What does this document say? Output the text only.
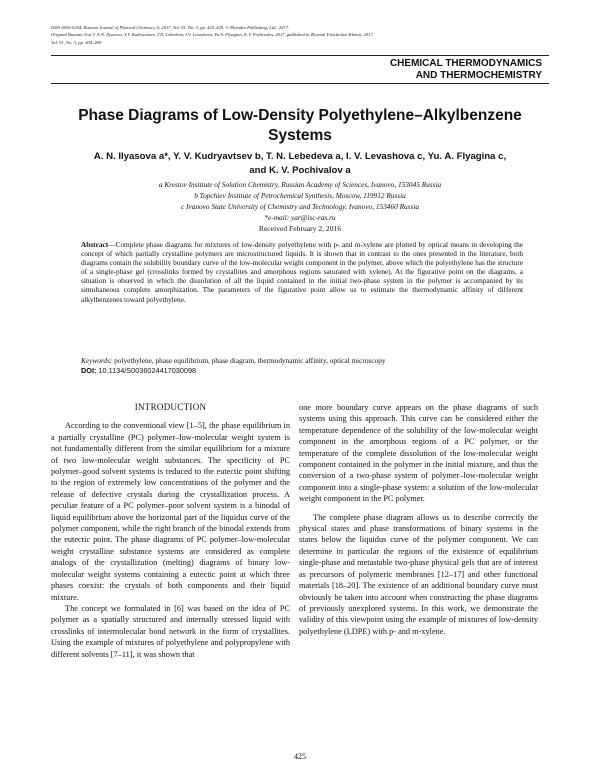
ISSN 0036-0244, Russian Journal of Physical Chemistry A, 2017, Vol. 91, No. 3, pp. 425–429. © Pleiades Publishing, Ltd., 2017.
Original Russian Text © A.N. Ilyasova, Y.V. Kudryavtsev, T.N. Lebedeva, I.V. Levashova, Yu.A. Flyagina, K.V. Pochivalov, 2017, published in Zhurnal Fizicheskoi Khimii, 2017,
Vol. 91, No. 3, pp. 404–409.
CHEMICAL THERMODYNAMICS
AND THERMOCHEMISTRY
Phase Diagrams of Low-Density Polyethylene–Alkylbenzene
Systems
A. N. Ilyasova a*, Y. V. Kudryavtsev b, T. N. Lebedeva a, I. V. Levashova c, Yu. A. Flyagina c,
and K. V. Pochivalov a
a Krestov Institute of Solution Chemistry, Russian Academy of Sciences, Ivanovo, 153045 Russia
b Topchiev Institute of Petrochemical Synthesis, Moscow, 119912 Russia
c Ivanovo State University of Chemistry and Technology, Ivanovo, 153460 Russia
*e-mail: yar@isc-ras.ru
Received February 2, 2016
Abstract—Complete phase diagrams for mixtures of low-density polyethylene with p- and m-xylene are plotted by optical means in developing the concept of which partially crystalline polymers are microstructured liquids. It is shown that in contrast to the ones presented in the literature, both diagrams contain the solubility boundary curve of the low-molecular weight component in the polymer, above which the polyethylene has the structure of a single-phase gel (crosslinks formed by crystallites and amorphous regions saturated with xylene). At the figurative point on the diagrams, a situation is observed in which the dissolution of all the liquid contained in the initial two-phase system in the polymer is accompanied by its simultaneous complete amorphization. The parameters of the figurative point allow us to estimate the thermodynamic affinity of different alkylbenzenes toward polyethylene.
Keywords: polyethylene, phase equilibrium, phase diagram, thermodynamic affinity, optical microscopy
DOI: 10.1134/S0036024417030098
INTRODUCTION

According to the conventional view [1–5], the phase equilibrium in a partially crystalline (PC) polymer–low-molecular weight system is not fundamentally different from the similar equilibrium for a mixture of two low-molecular weight substances. The specificity of PC polymer–good solvent systems is reduced to the eutectic point shifting to the region of extremely low concentrations of the polymer and the release of defective crystals during the crystallization process. A peculiar feature of a PC polymer–poor solvent system is a binodal of liquid equilibrium above the horizontal part of the liquidus curve of the polymer component, while the right branch of the binodal extends from the eutectic point. The phase diagrams of PC polymer–low-molecular weight crystalline substance systems are considered as complete analogs of the crystallization (melting) diagrams of binary low-molecular weight systems containing a eutectic point at which three phases coexist: the crystals of both components and their liquid mixture.

The concept we formulated in [6] was based on the idea of PC polymer as a spatially structured and internally stressed liquid with crosslinks of intermolecular bond network in the form of crystallites. Using the example of mixtures of polyethylene and polypropylene with different solvents [7–11], it was shown that

one more boundary curve appears on the phase diagrams of such systems using this approach. This curve can be considered either the temperature dependence of the solubility of the low-molecular weight component in the amorphous regions of a PC polymer, or the temperature of the complete dissolution of the low-molecular weight component contained in the polymer in the initial mixture, and thus the conversion of a two-phase system of polymer–low-molecular weight component into a single-phase system: a solution of the low-molecular weight component in the PC polymer.

The complete phase diagram allows us to describe correctly the physical states and phase transformations of binary systems in the states below the liquidus curve of the polymer component. We can determine in particular the regions of the existence of equilibrium single-phase and metastable two-phase physical gels that are of interest as precursors of polymeric membranes [12–17] and other functional materials [18–20]. The existence of an additional boundary curve must obviously be taken into account when constructing the phase diagrams of previously unexplored systems. In this work, we demonstrate the validity of this viewpoint using the example of mixtures of low-density polyethylene (LDPE) with p- and m-xylene.

425
